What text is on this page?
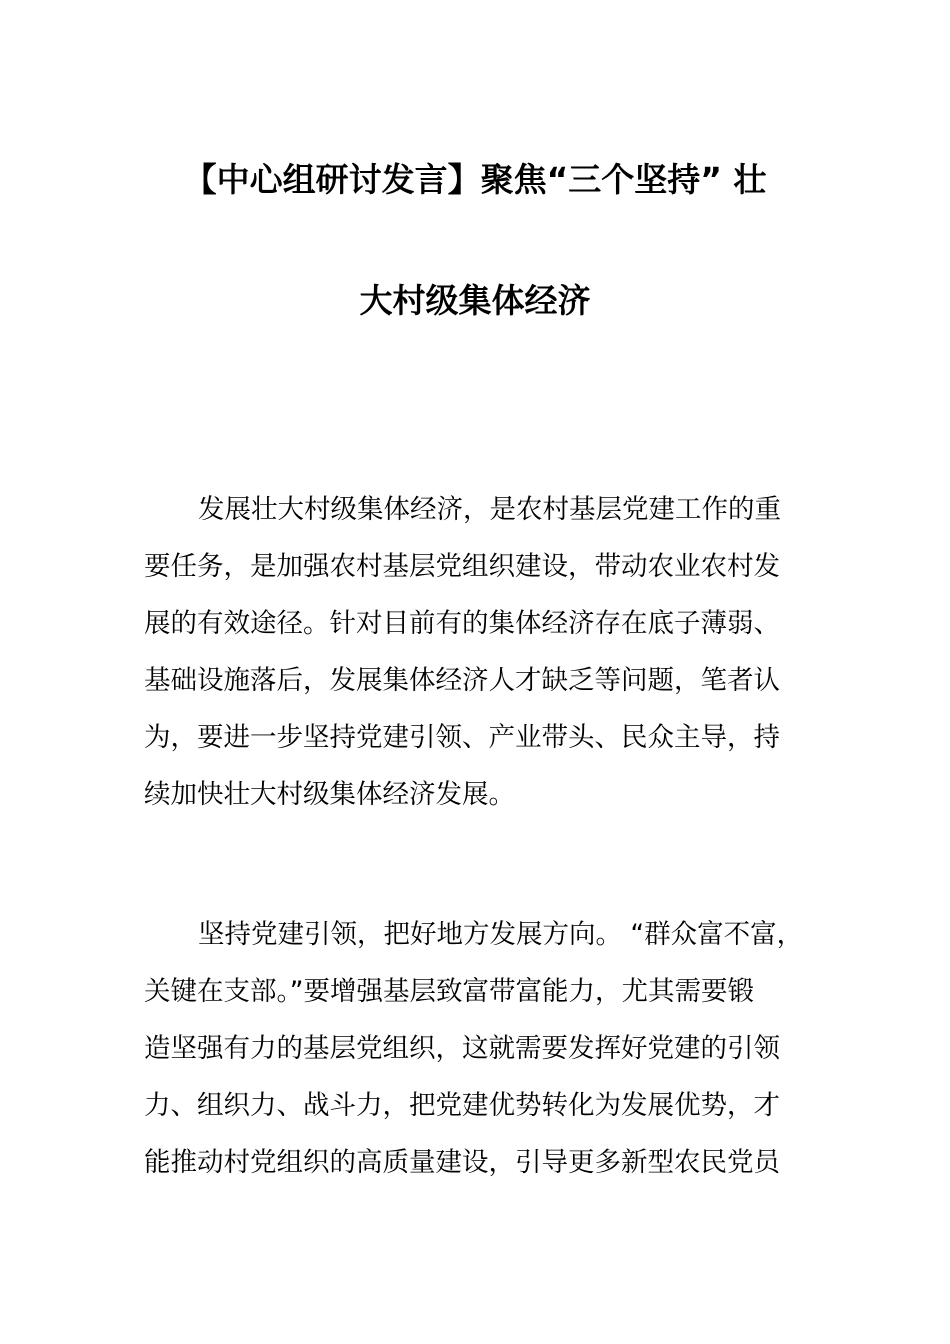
【中心组研讨发言】聚焦“三个坚持” 壮
大村级集体经济
发展壮大村级集体经济，是农村基层党建工作的重
要任务，是加强农村基层党组织建设，带动农业农村发
展的有效途径。针对目前有的集体经济存在底子薄弱、
基础设施落后，发展集体经济人才缺乏等问题，笔者认
为，要进一步坚持党建引领、产业带头、民众主导，持
续加快壮大村级集体经济发展。
坚持党建引领，把好地方发展方向。 “群众富不富，
关键在支部。”要增强基层致富带富能力，尤其需要锻
造坚强有力的基层党组织，这就需要发挥好党建的引领
力、组织力、战斗力，把党建优势转化为发展优势，才
能推动村党组织的高质量建设，引导更多新型农民党员
